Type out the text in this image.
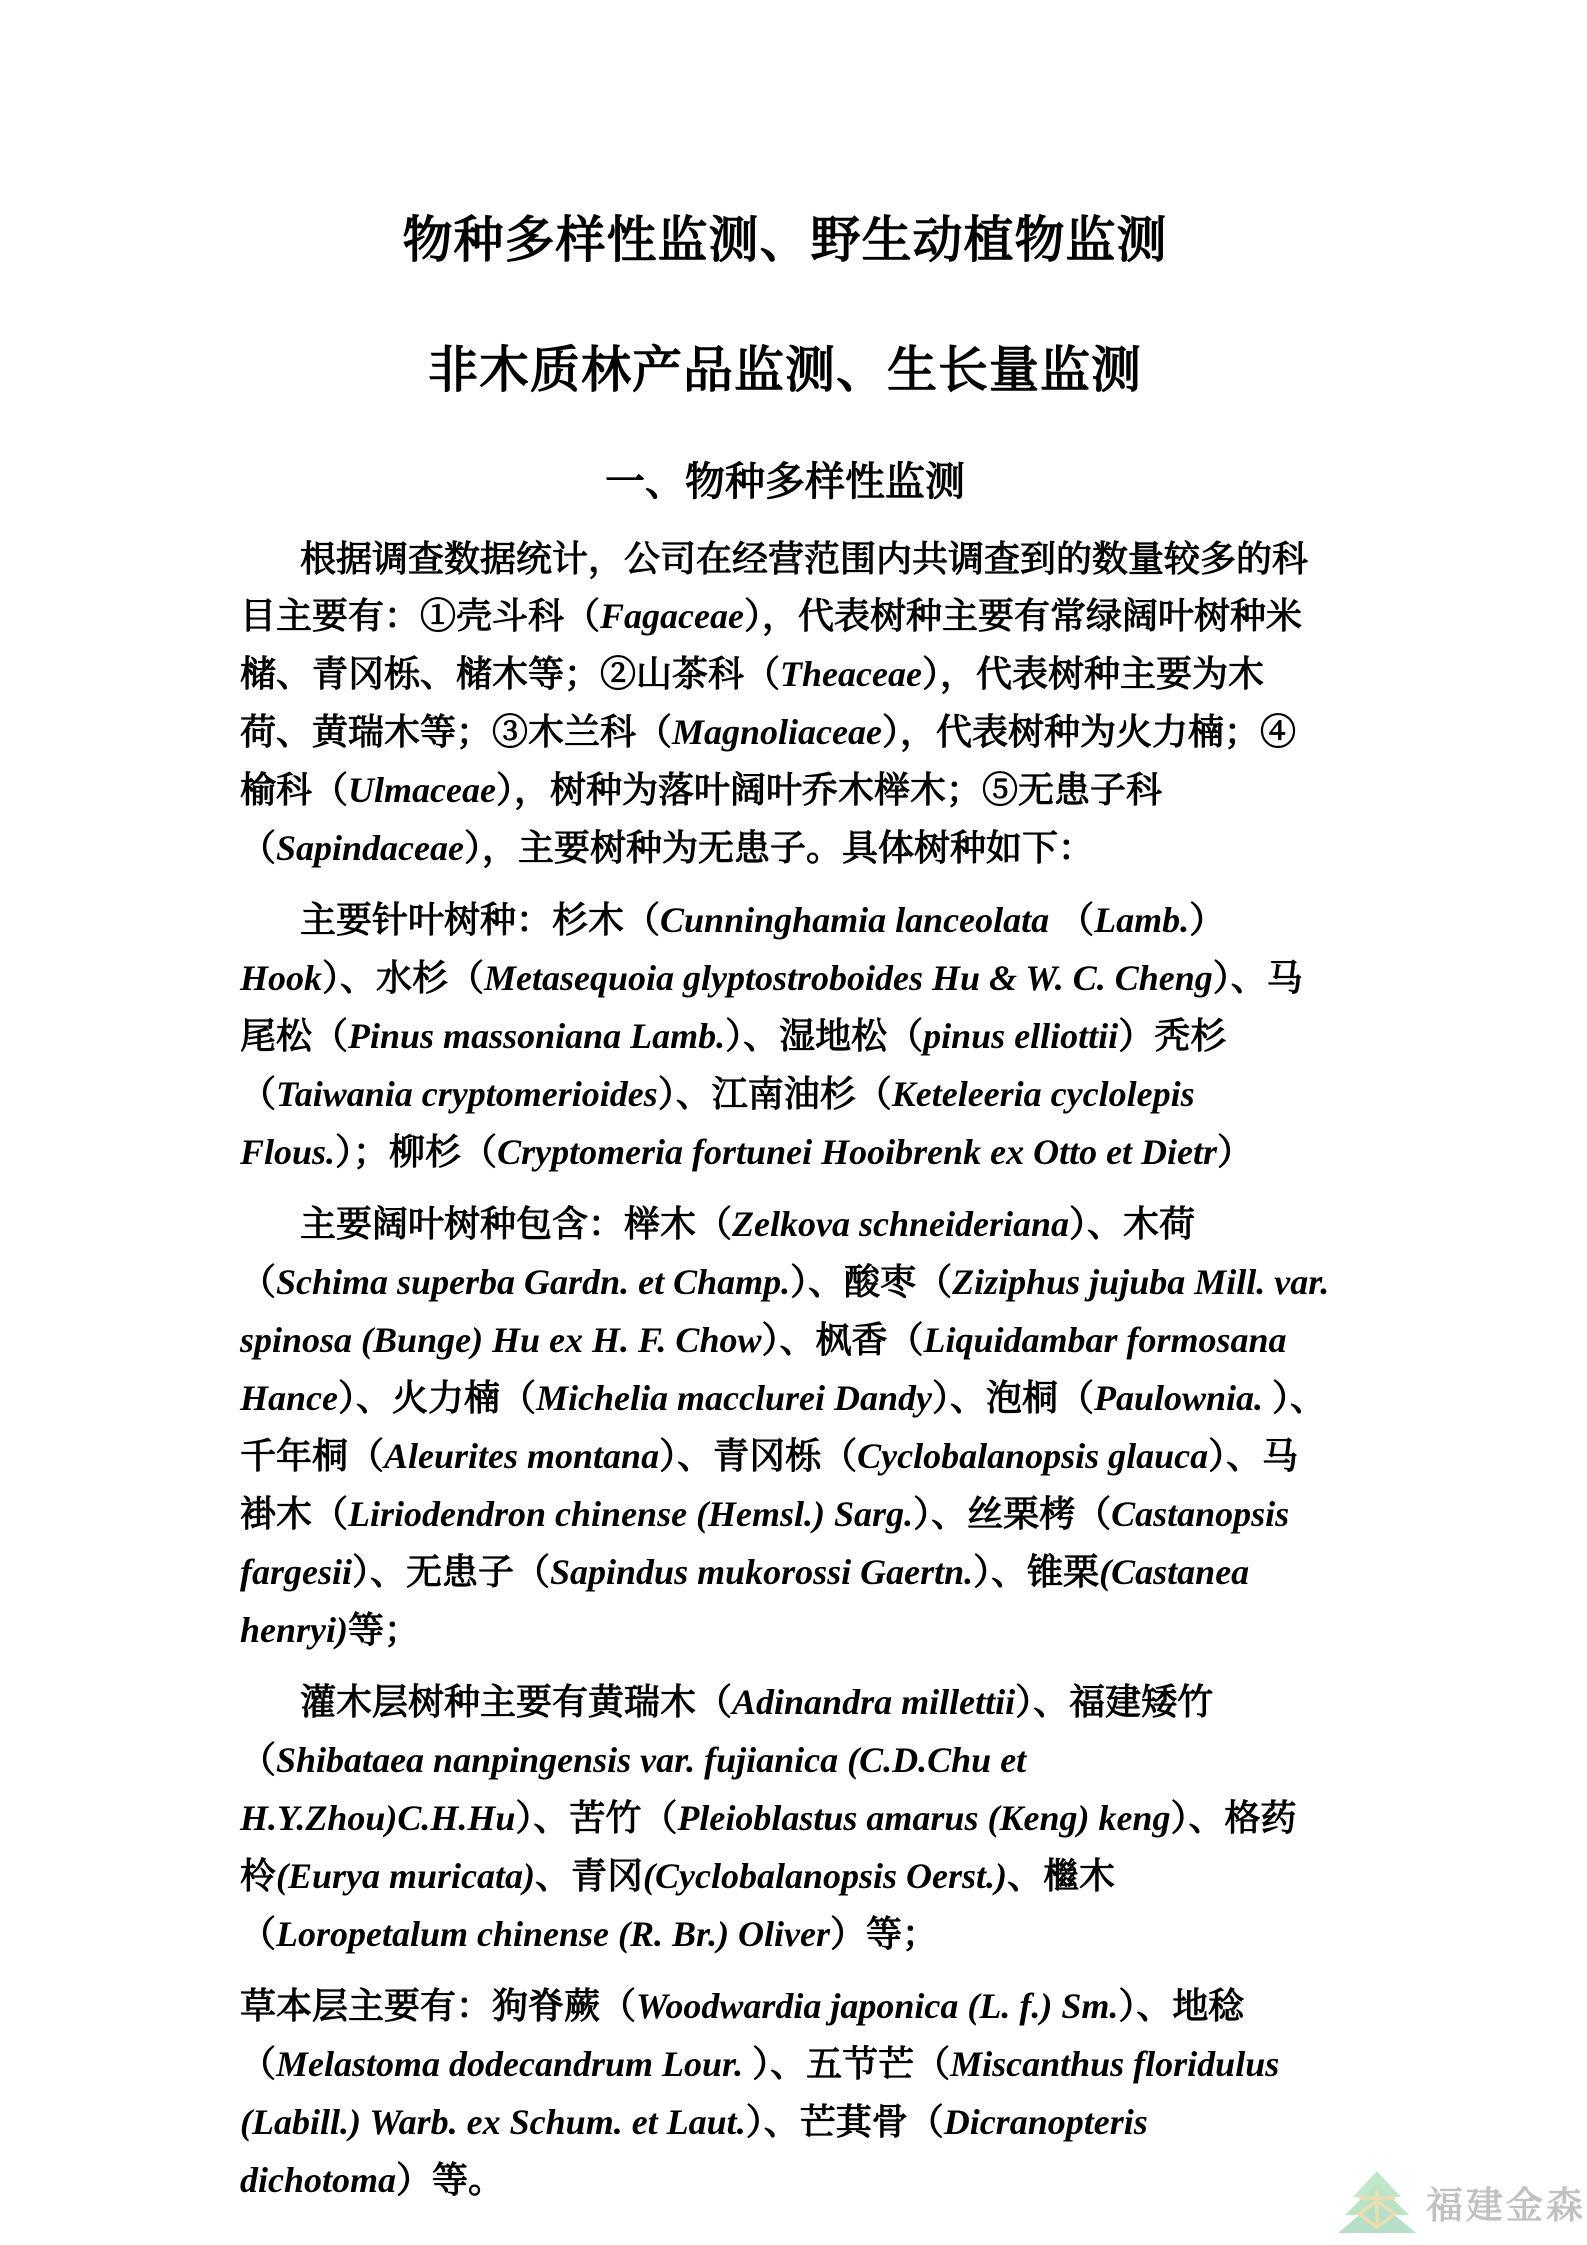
物种多样性监测、野生动植物监测
非木质林产品监测、生长量监测
一、物种多样性监测

根据调查数据统计，公司在经营范围内共调查到的数量较多的科目主要有：①壳斗科（Fagaceae），代表树种主要有常绿阔叶树种米槠、青冈栎、槠木等；②山茶科（Theaceae），代表树种主要为木荷、黄瑞木等；③木兰科（Magnoliaceae），代表树种为火力楠；④榆科（Ulmaceae），树种为落叶阔叶乔木榉木；⑤无患子科（Sapindaceae），主要树种为无患子。具体树种如下：

主要针叶树种：杉木（Cunninghamia lanceolata （Lamb.）Hook）、水杉（Metasequoia glyptostroboides Hu & W. C. Cheng）、马尾松（Pinus massoniana Lamb.）、湿地松（pinus elliottii）秃杉（Taiwania cryptomerioides）、江南油杉（Keteleeria cyclolepis Flous.）；柳杉（Cryptomeria fortunei Hooibrenk ex Otto et Dietr）

主要阔叶树种包含：榉木（Zelkova schneideriana）、木荷（Schima superba Gardn. et Champ.）、酸枣（Ziziphus jujuba Mill. var. spinosa (Bunge) Hu ex H. F. Chow）、枫香（Liquidambar formosana Hance）、火力楠（Michelia macclurei Dandy）、泡桐（Paulownia. ）、千年桐（Aleurites montana）、青冈栎（Cyclobalanopsis glauca）、马褂木（Liriodendron chinense (Hemsl.) Sarg.）、丝栗栲（Castanopsis fargesii）、无患子（Sapindus mukorossi Gaertn.）、锥栗(Castanea henryi)等；

灌木层树种主要有黄瑞木（Adinandra millettii）、福建矮竹（Shibataea nanpingensis var. fujianica (C.D.Chu et H.Y.Zhou)C.H.Hu）、苦竹（Pleioblastus amarus (Keng) keng）、格药柃(Eurya muricata)、青冈(Cyclobalanopsis Oerst.)、檵木（Loropetalum chinense (R. Br.) Oliver）等；

草本层主要有：狗脊蕨（Woodwardia japonica (L. f.) Sm.）、地稔（Melastoma dodecandrum Lour. ）、五节芒（Miscanthus floridulus (Labill.) Warb. ex Schum. et Laut.）、芒萁骨（Dicranopteris dichotoma）等。

福建金森
